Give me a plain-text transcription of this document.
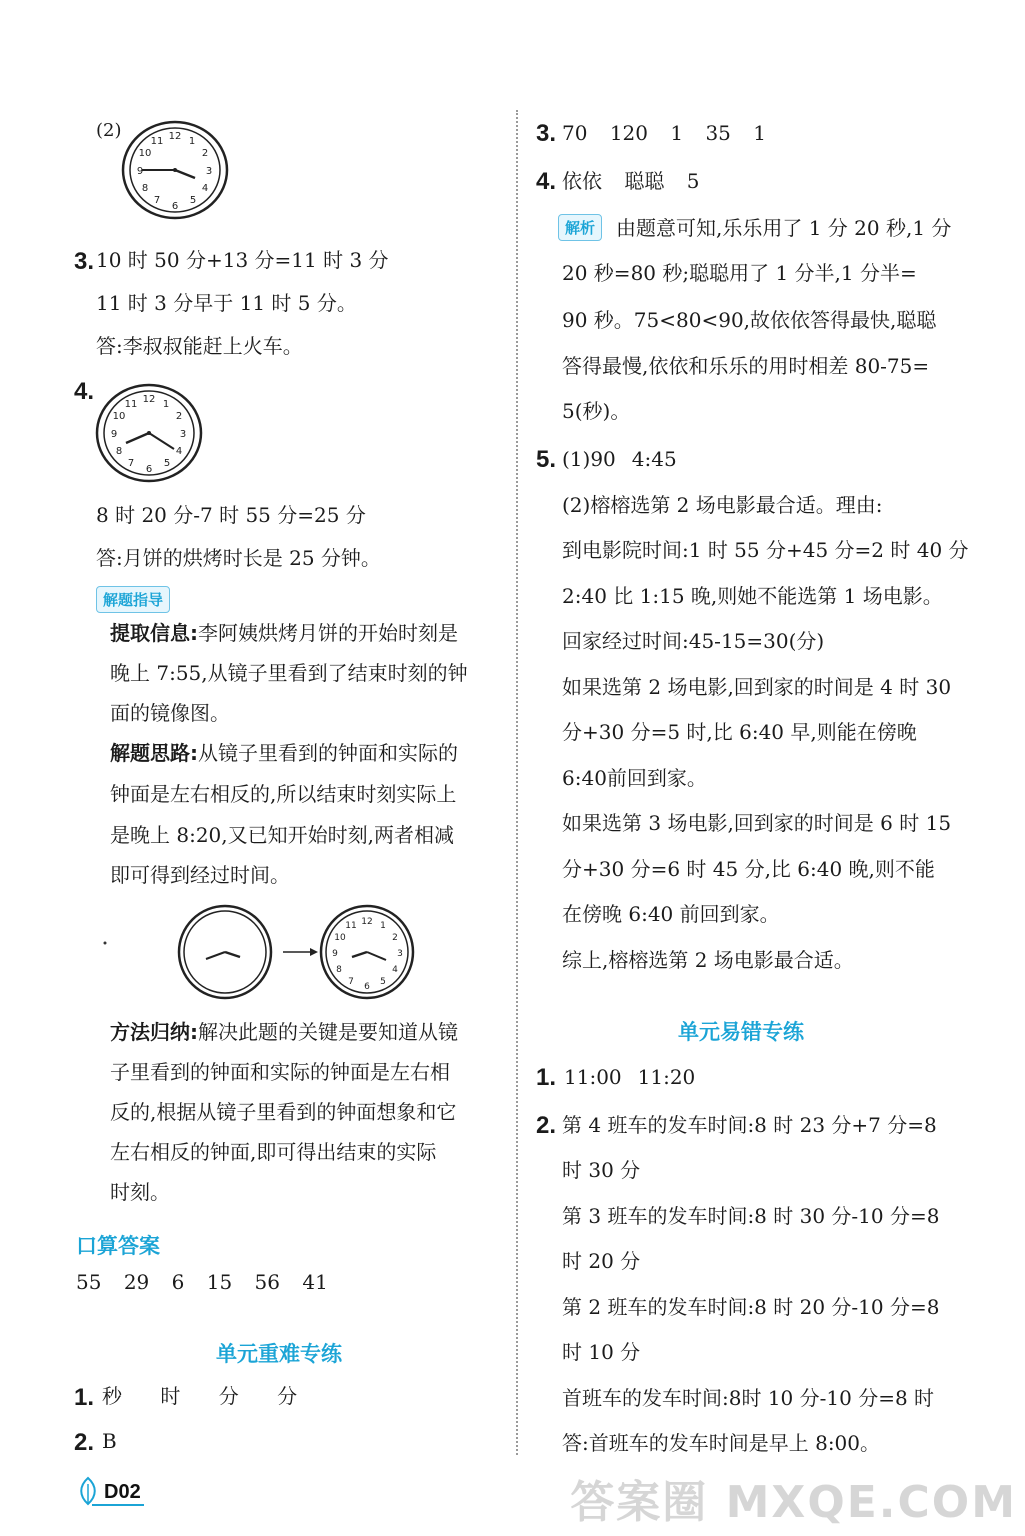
(2)	12 1
2
3
4
5
6
7
8
9
10
11
3. 10 时 50 分+13 分=11 时 3 分
11 时 3 分早于 11 时 5 分。
答:李叔叔能赶上火车。
4.	12 1
2
3
4
5
6
7
8
9
10
11
8 时 20 分-7 时 55 分=25 分
答:月饼的烘烤时长是 25 分钟。
解题指导
提取信息:李阿姨烘烤月饼的开始时刻是
晚上 7:55,从镜子里看到了结束时刻的钟
面的镜像图。
解题思路:从镜子里看到的钟面和实际的
钟面是左右相反的,所以结束时刻实际上
是晚上 8:20,又已知开始时刻,两者相减
即可得到经过时间。
12 1
2
3
4
5
6
7
8
9
10
11
方法归纳:解决此题的关键是要知道从镜
子里看到的钟面和实际的钟面是左右相
反的,根据从镜子里看到的钟面想象和它
左右相反的钟面,即可得出结束的实际
时刻。
口算答案
55 29 6 15 56 41
单元重难专练
1. 秒 时 分 分
2. B
D02
3. 70 120 1 35 1
4. 依依 聪聪 5
解析	由题意可知,乐乐用了 1 分 20 秒,1 分
20 秒=80 秒;聪聪用了 1 分半,1 分半=
90 秒。75<80<90,故依依答得最快,聪聪
答得最慢,依依和乐乐的用时相差 80-75=
5(秒)。
5. (1)90 4:45
(2)榕榕选第 2 场电影最合适。理由:
到电影院时间:1 时 55 分+45 分=2 时 40 分
2:40 比 1:15 晚,则她不能选第 1 场电影。
回家经过时间:45-15=30(分)
如果选第 2 场电影,回到家的时间是 4 时 30
分+30 分=5 时,比 6:40 早,则能在傍晚
6:40前回到家。
如果选第 3 场电影,回到家的时间是 6 时 15
分+30 分=6 时 45 分,比 6:40 晚,则不能
在傍晚 6:40 前回到家。
综上,榕榕选第 2 场电影最合适。
单元易错专练
1. 11:00 11:20
2. 第 4 班车的发车时间:8 时 23 分+7 分=8
时 30 分
第 3 班车的发车时间:8 时 30 分-10 分=8
时 20 分
第 2 班车的发车时间:8 时 20 分-10 分=8
时 10 分
首班车的发车时间:8时 10 分-10 分=8 时
答:首班车的发车时间是早上 8:00。
答案圈 MXQE.COM
